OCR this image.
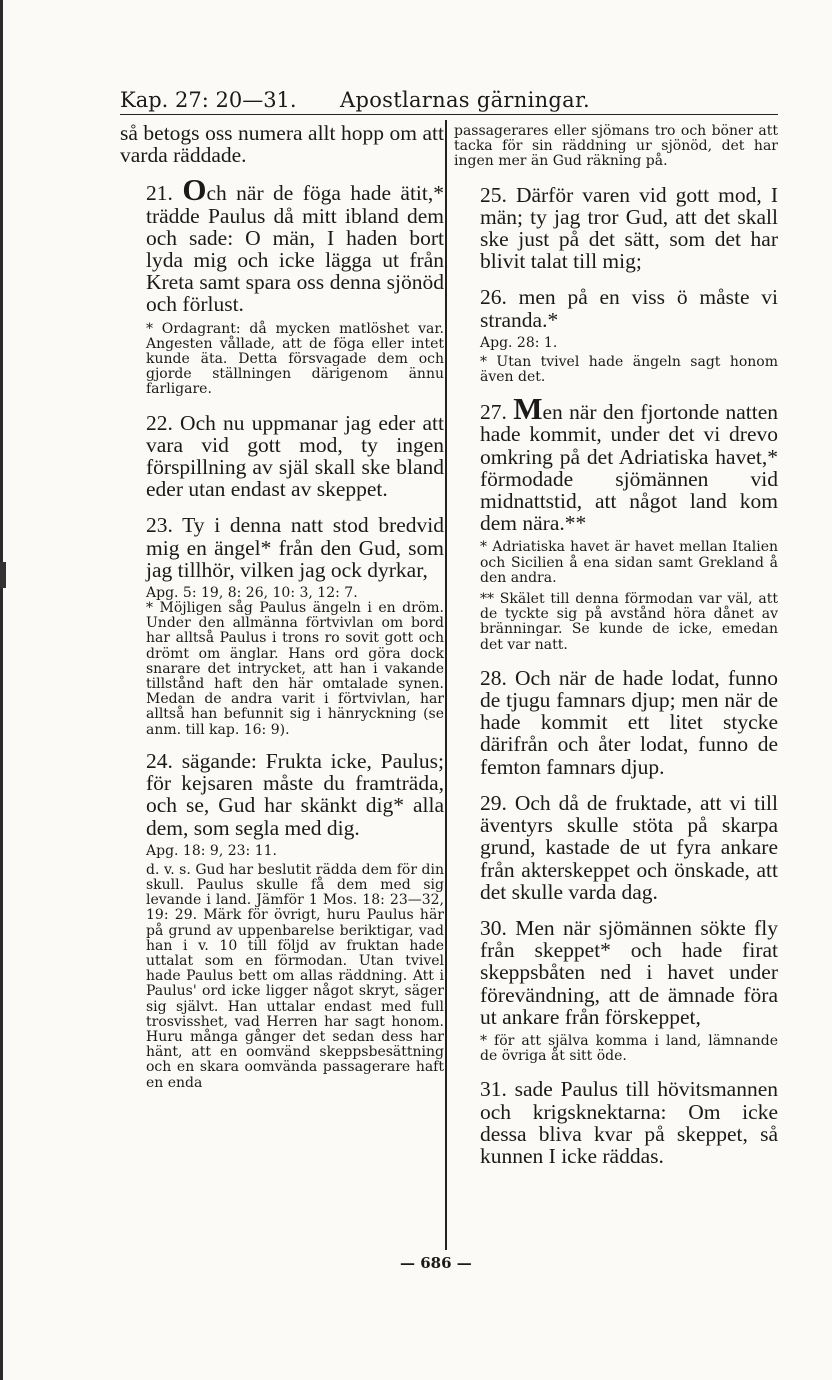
Kap. 27: 20—31. Apostlarnas gärningar.

så betogs oss numera allt hopp om att varda räddade.

21. Och när de föga hade ätit,* trädde Paulus då mitt ibland dem och sade: O män, I haden bort lyda mig och icke lägga ut från Kreta samt spara oss denna sjönöd och förlust.

* Ordagrant: då mycken matlöshet var. Angesten vållade, att de föga eller intet kunde äta. Detta försvagade dem och gjorde ställningen därigenom ännu farligare.

22. Och nu uppmanar jag eder att vara vid gott mod, ty ingen förspillning av själ skall ske bland eder utan endast av skeppet.

23. Ty i denna natt stod bredvid mig en ängel* från den Gud, som jag tillhör, vilken jag ock dyrkar,

Apg. 5: 19, 8: 26, 10: 3, 12: 7.

* Möjligen såg Paulus ängeln i en dröm. Under den allmänna förtvivlan om bord har alltså Paulus i trons ro sovit gott och drömt om änglar. Hans ord göra dock snarare det intrycket, att han i vakande tillstånd haft den här omtalade synen. Medan de andra varit i förtvivlan, har alltså han befunnit sig i hänryckning (se anm. till kap. 16: 9).

24. sägande: Frukta icke, Paulus; för kejsaren måste du framträda, och se, Gud har skänkt dig* alla dem, som segla med dig.

Apg. 18: 9, 23: 11.

d. v. s. Gud har beslutit rädda dem för din skull. Paulus skulle få dem med sig levande i land. Jämför 1 Mos. 18: 23—32, 19: 29. Märk för övrigt, huru Paulus här på grund av uppenbarelse beriktigar, vad han i v. 10 till följd av fruktan hade uttalat som en förmodan. Utan tvivel hade Paulus bett om allas räddning. Att i Paulus' ord icke ligger något skryt, säger sig självt. Han uttalar endast med full trosvisshet, vad Herren har sagt honom. Huru många gånger det sedan dess har hänt, att en oomvänd skeppsbesättning och en skara oomvända passagerare haft en enda

passagerares eller sjömans tro och böner att tacka för sin räddning ur sjönöd, det har ingen mer än Gud räkning på.

25. Därför varen vid gott mod, I män; ty jag tror Gud, att det skall ske just på det sätt, som det har blivit talat till mig;

26. men på en viss ö måste vi stranda.*

Apg. 28: 1.

* Utan tvivel hade ängeln sagt honom även det.

27. Men när den fjortonde natten hade kommit, under det vi drevo omkring på det Adriatiska havet,* förmodade sjömännen vid midnattstid, att något land kom dem nära.**

* Adriatiska havet är havet mellan Italien och Sicilien å ena sidan samt Grekland å den andra.

** Skälet till denna förmodan var väl, att de tyckte sig på avstånd höra dånet av bränningar. Se kunde de icke, emedan det var natt.

28. Och när de hade lodat, funno de tjugu famnars djup; men när de hade kommit ett litet stycke därifrån och åter lodat, funno de femton famnars djup.

29. Och då de fruktade, att vi till äventyrs skulle stöta på skarpa grund, kastade de ut fyra ankare från akterskeppet och önskade, att det skulle varda dag.

30. Men när sjömännen sökte fly från skeppet* och hade firat skeppsbåten ned i havet under förevändning, att de ämnade föra ut ankare från förskeppet,

* för att själva komma i land, lämnande de övriga åt sitt öde.

31. sade Paulus till hövitsmannen och krigsknektarna: Om icke dessa bliva kvar på skeppet, så kunnen I icke räddas.

— 686 —
